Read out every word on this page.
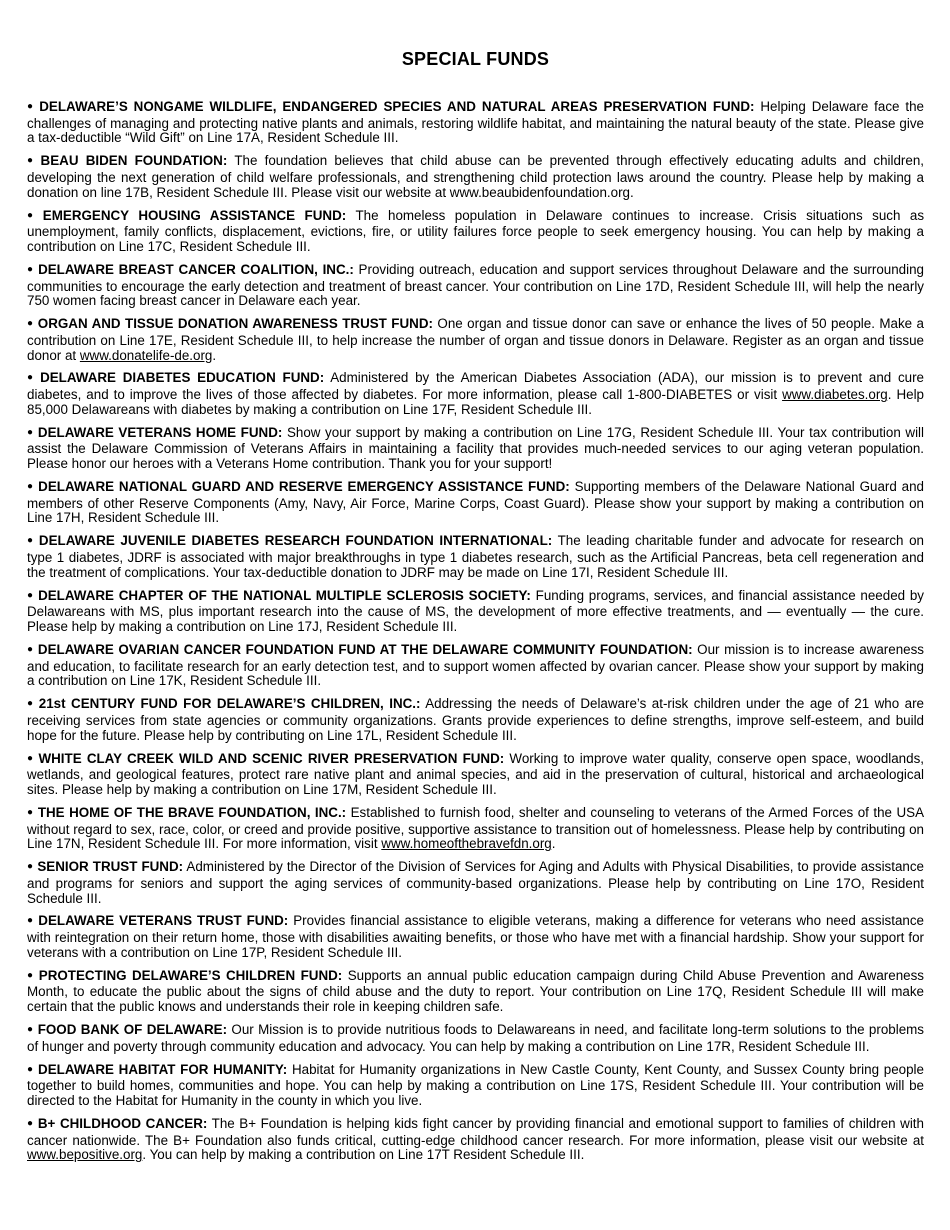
SPECIAL FUNDS

● DELAWARE’S NONGAME WILDLIFE, ENDANGERED SPECIES AND NATURAL AREAS PRESERVATION FUND: Helping Delaware face the challenges of managing and protecting native plants and animals, restoring wildlife habitat, and maintaining the natural beauty of the state. Please give a tax-deductible “Wild Gift” on Line 17A, Resident Schedule III.

● BEAU BIDEN FOUNDATION: The foundation believes that child abuse can be prevented through effectively educating adults and children, developing the next generation of child welfare professionals, and strengthening child protection laws around the country. Please help by making a donation on line 17B, Resident Schedule III. Please visit our website at www.beaubidenfoundation.org.

● EMERGENCY HOUSING ASSISTANCE FUND: The homeless population in Delaware continues to increase. Crisis situations such as unemployment, family conflicts, displacement, evictions, fire, or utility failures force people to seek emergency housing. You can help by making a contribution on Line 17C, Resident Schedule III.

● DELAWARE BREAST CANCER COALITION, INC.: Providing outreach, education and support services throughout Delaware and the surrounding communities to encourage the early detection and treatment of breast cancer. Your contribution on Line 17D, Resident Schedule III, will help the nearly 750 women facing breast cancer in Delaware each year.

● ORGAN AND TISSUE DONATION AWARENESS TRUST FUND: One organ and tissue donor can save or enhance the lives of 50 people. Make a contribution on Line 17E, Resident Schedule III, to help increase the number of organ and tissue donors in Delaware. Register as an organ and tissue donor at www.donatelife-de.org.

● DELAWARE DIABETES EDUCATION FUND: Administered by the American Diabetes Association (ADA), our mission is to prevent and cure diabetes, and to improve the lives of those affected by diabetes. For more information, please call 1-800-DIABETES or visit www.diabetes.org. Help 85,000 Delawareans with diabetes by making a contribution on Line 17F, Resident Schedule III.

● DELAWARE VETERANS HOME FUND: Show your support by making a contribution on Line 17G, Resident Schedule III. Your tax contribution will assist the Delaware Commission of Veterans Affairs in maintaining a facility that provides much-needed services to our aging veteran population. Please honor our heroes with a Veterans Home contribution. Thank you for your support!

● DELAWARE NATIONAL GUARD AND RESERVE EMERGENCY ASSISTANCE FUND: Supporting members of the Delaware National Guard and members of other Reserve Components (Amy, Navy, Air Force, Marine Corps, Coast Guard). Please show your support by making a contribution on Line 17H, Resident Schedule III.

● DELAWARE JUVENILE DIABETES RESEARCH FOUNDATION INTERNATIONAL: The leading charitable funder and advocate for research on type 1 diabetes, JDRF is associated with major breakthroughs in type 1 diabetes research, such as the Artificial Pancreas, beta cell regeneration and the treatment of complications. Your tax-deductible donation to JDRF may be made on Line 17I, Resident Schedule III.

● DELAWARE CHAPTER OF THE NATIONAL MULTIPLE SCLEROSIS SOCIETY: Funding programs, services, and financial assistance needed by Delawareans with MS, plus important research into the cause of MS, the development of more effective treatments, and — eventually — the cure. Please help by making a contribution on Line 17J, Resident Schedule III.

● DELAWARE OVARIAN CANCER FOUNDATION FUND AT THE DELAWARE COMMUNITY FOUNDATION: Our mission is to increase awareness and education, to facilitate research for an early detection test, and to support women affected by ovarian cancer. Please show your support by making a contribution on Line 17K, Resident Schedule III.

● 21st CENTURY FUND FOR DELAWARE’S CHILDREN, INC.: Addressing the needs of Delaware’s at-risk children under the age of 21 who are receiving services from state agencies or community organizations. Grants provide experiences to define strengths, improve self-esteem, and build hope for the future. Please help by contributing on Line 17L, Resident Schedule III.

● WHITE CLAY CREEK WILD AND SCENIC RIVER PRESERVATION FUND: Working to improve water quality, conserve open space, woodlands, wetlands, and geological features, protect rare native plant and animal species, and aid in the preservation of cultural, historical and archaeological sites. Please help by making a contribution on Line 17M, Resident Schedule III.

● THE HOME OF THE BRAVE FOUNDATION, INC.: Established to furnish food, shelter and counseling to veterans of the Armed Forces of the USA without regard to sex, race, color, or creed and provide positive, supportive assistance to transition out of homelessness. Please help by contributing on Line 17N, Resident Schedule III. For more information, visit www.homeofthebravefdn.org.

● SENIOR TRUST FUND: Administered by the Director of the Division of Services for Aging and Adults with Physical Disabilities, to provide assistance and programs for seniors and support the aging services of community-based organizations. Please help by contributing on Line 17O, Resident Schedule III.

● DELAWARE VETERANS TRUST FUND: Provides financial assistance to eligible veterans, making a difference for veterans who need assistance with reintegration on their return home, those with disabilities awaiting benefits, or those who have met with a financial hardship. Show your support for veterans with a contribution on Line 17P, Resident Schedule III.

● PROTECTING DELAWARE’S CHILDREN FUND: Supports an annual public education campaign during Child Abuse Prevention and Awareness Month, to educate the public about the signs of child abuse and the duty to report. Your contribution on Line 17Q, Resident Schedule III will make certain that the public knows and understands their role in keeping children safe.

● FOOD BANK OF DELAWARE: Our Mission is to provide nutritious foods to Delawareans in need, and facilitate long-term solutions to the problems of hunger and poverty through community education and advocacy. You can help by making a contribution on Line 17R, Resident Schedule III.

● DELAWARE HABITAT FOR HUMANITY: Habitat for Humanity organizations in New Castle County, Kent County, and Sussex County bring people together to build homes, communities and hope. You can help by making a contribution on Line 17S, Resident Schedule III. Your contribution will be directed to the Habitat for Humanity in the county in which you live.

● B+ CHILDHOOD CANCER: The B+ Foundation is helping kids fight cancer by providing financial and emotional support to families of children with cancer nationwide. The B+ Foundation also funds critical, cutting-edge childhood cancer research. For more information, please visit our website at www.bepositive.org. You can help by making a contribution on Line 17T Resident Schedule III.
